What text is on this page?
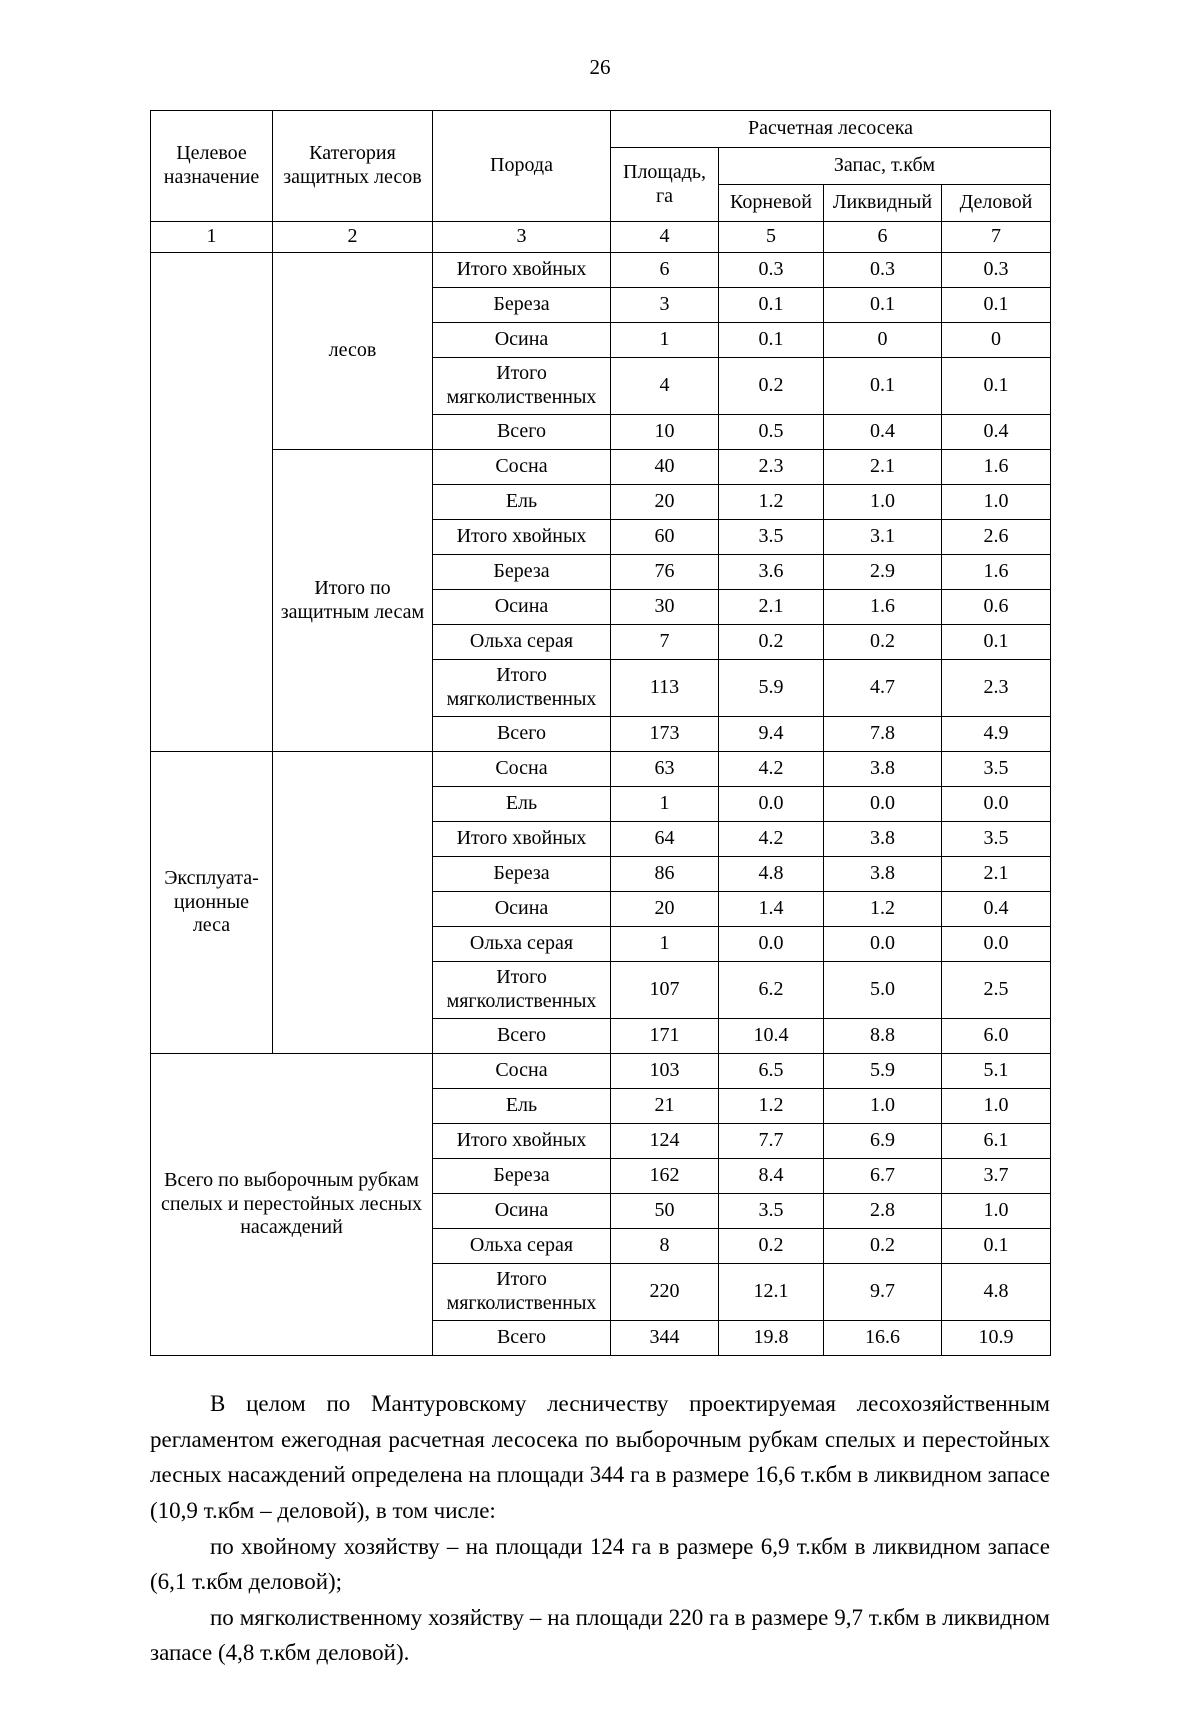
26
Целевое назначение	Категория защитных лесов	Порода	Расчетная лесосека			
			Площадь, га	Запас, т.кбм		
				Корневой	Ликвидный	Деловой
1	2	3	4	5	6	7
	лесов	Итого хвойных	6	0.3	0.3	0.3
		Береза	3	0.1	0.1	0.1
		Осина	1	0.1	0	0
		Итого мягколиственных	4	0.2	0.1	0.1
		Всего	10	0.5	0.4	0.4
	Итого по защитным лесам	Сосна	40	2.3	2.1	1.6
		Ель	20	1.2	1.0	1.0
		Итого хвойных	60	3.5	3.1	2.6
		Береза	76	3.6	2.9	1.6
		Осина	30	2.1	1.6	0.6
		Ольха серая	7	0.2	0.2	0.1
		Итого мягколиственных	113	5.9	4.7	2.3
		Всего	173	9.4	7.8	4.9
Эксплуата-ционные леса		Сосна	63	4.2	3.8	3.5
		Ель	1	0.0	0.0	0.0
		Итого хвойных	64	4.2	3.8	3.5
		Береза	86	4.8	3.8	2.1
		Осина	20	1.4	1.2	0.4
		Ольха серая	1	0.0	0.0	0.0
		Итого мягколиственных	107	6.2	5.0	2.5
		Всего	171	10.4	8.8	6.0
Всего по выборочным рубкам спелых и перестойных лесных насаждений		Сосна	103	6.5	5.9	5.1
		Ель	21	1.2	1.0	1.0
		Итого хвойных	124	7.7	6.9	6.1
		Береза	162	8.4	6.7	3.7
		Осина	50	3.5	2.8	1.0
		Ольха серая	8	0.2	0.2	0.1
		Итого мягколиственных	220	12.1	9.7	4.8
		Всего	344	19.8	16.6	10.9

В целом по Мантуровскому лесничеству проектируемая лесохозяйственным регламентом ежегодная расчетная лесосека по выборочным рубкам спелых и перестойных лесных насаждений определена на площади 344 га в размере 16,6 т.кбм в ликвидном запасе (10,9 т.кбм – деловой), в том числе:

по хвойному хозяйству – на площади 124 га в размере 6,9 т.кбм в ликвидном запасе (6,1 т.кбм деловой);

по мягколиственному хозяйству – на площади 220 га в размере 9,7 т.кбм в ликвидном запасе (4,8 т.кбм деловой).
